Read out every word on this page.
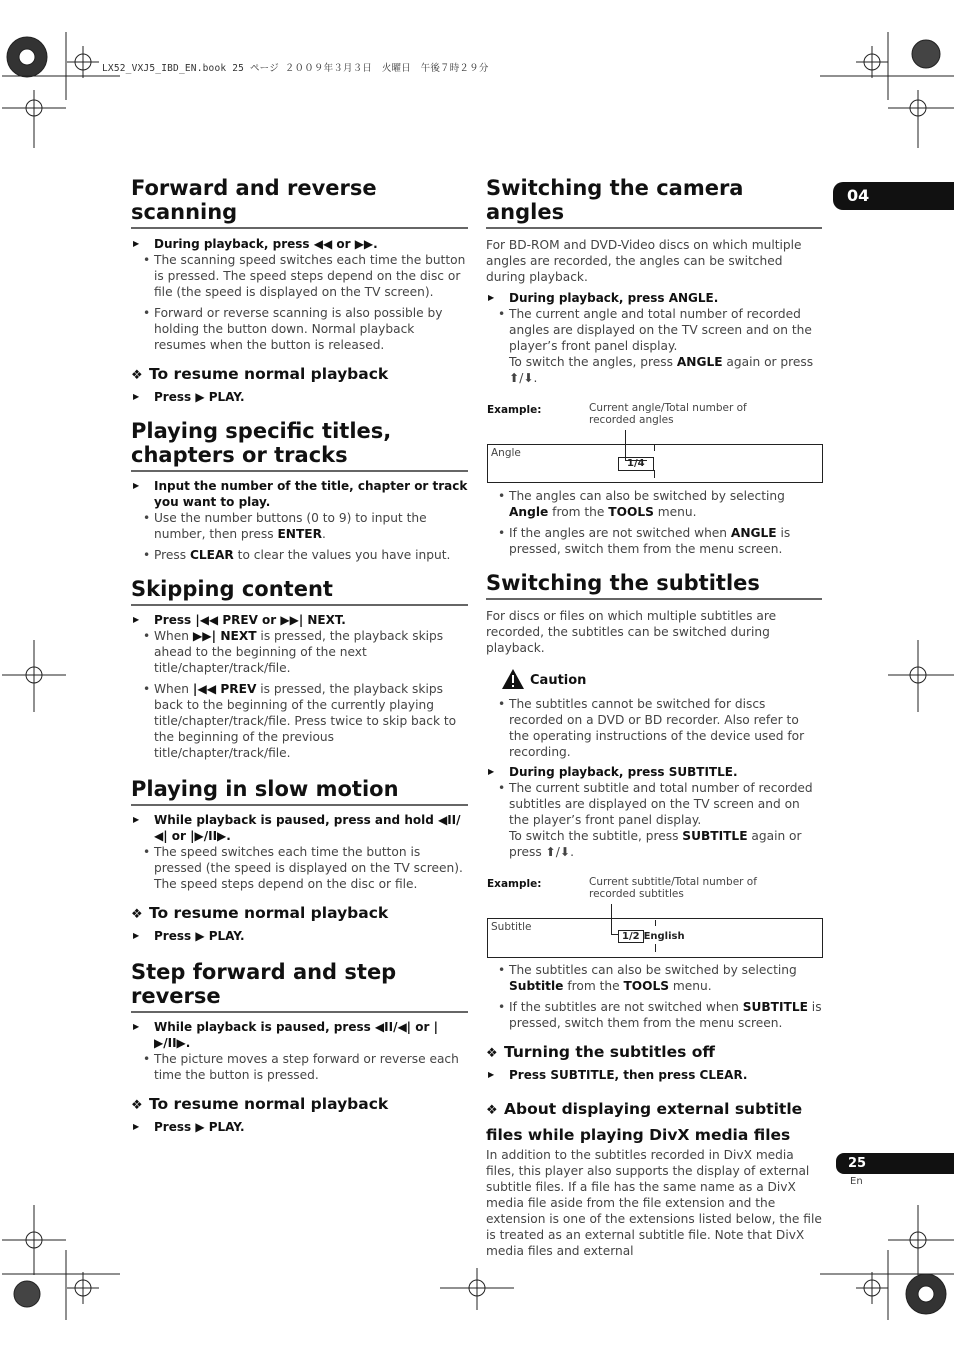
LX52_VXJ5_IBD_EN.book 25 ページ ２００９年３月３日　火曜日　午後７時２９分
04
25
En
Forward and reverse scanning
▶ During playback, press ◀◀ or ▶▶.

• The scanning speed switches each time the button is pressed. The speed steps depend on the disc or file (the speed is displayed on the TV screen).

• Forward or reverse scanning is also possible by holding the button down. Normal playback resumes when the button is released.

❖ To resume normal playback
▶ Press ▶ PLAY.
Playing specific titles, chapters or tracks
▶ Input the number of the title, chapter or track you want to play.

• Use the number buttons (0 to 9) to input the number, then press ENTER.

• Press CLEAR to clear the values you have input.

Skipping content
▶ Press |◀◀ PREV or ▶▶| NEXT.

• When ▶▶| NEXT is pressed, the playback skips ahead to the beginning of the next title/chapter/track/file.

• When |◀◀ PREV is pressed, the playback skips back to the beginning of the currently playing title/chapter/track/file. Press twice to skip back to the beginning of the previous title/chapter/track/file.

Playing in slow motion
▶ While playback is paused, press and hold ◀II/◀| or |▶/II▶.

• The speed switches each time the button is pressed (the speed is displayed on the TV screen). The speed steps depend on the disc or file.

❖ To resume normal playback
▶ Press ▶ PLAY.
Step forward and step reverse
▶ While playback is paused, press ◀II/◀| or |▶/II▶.

• The picture moves a step forward or reverse each time the button is pressed.

❖ To resume normal playback
▶ Press ▶ PLAY.
Switching the camera angles

For BD-ROM and DVD-Video discs on which multiple angles are recorded, the angles can be switched during playback.

▶ During playback, press ANGLE.

• The current angle and total number of recorded angles are displayed on the TV screen and on the player’s front panel display.

To switch the angles, press ANGLE again or press ⬆/⬇.

Example:	Current angle/Total number of recorded angles
Angle
1/4

• The angles can also be switched by selecting Angle from the TOOLS menu.

• If the angles are not switched when ANGLE is pressed, switch them from the menu screen.

Switching the subtitles

For discs or files on which multiple subtitles are recorded, the subtitles can be switched during playback.

Caution

• The subtitles cannot be switched for discs recorded on a DVD or BD recorder. Also refer to the operating instructions of the device used for recording.

▶ During playback, press SUBTITLE.

• The current subtitle and total number of recorded subtitles are displayed on the TV screen and on the player’s front panel display.

To switch the subtitle, press SUBTITLE again or press ⬆/⬇.

Example:	Current subtitle/Total number of recorded subtitles
Subtitle
1/2 English

• The subtitles can also be switched by selecting Subtitle from the TOOLS menu.

• If the subtitles are not switched when SUBTITLE is pressed, switch them from the menu screen.

❖ Turning the subtitles off
▶ Press SUBTITLE, then press CLEAR.
❖ About displaying external subtitle files while playing DivX media files

In addition to the subtitles recorded in DivX media files, this player also supports the display of external subtitle files. If a file has the same name as a DivX media file aside from the file extension and the extension is one of the extensions listed below, the file is treated as an external subtitle file. Note that DivX media files and external
